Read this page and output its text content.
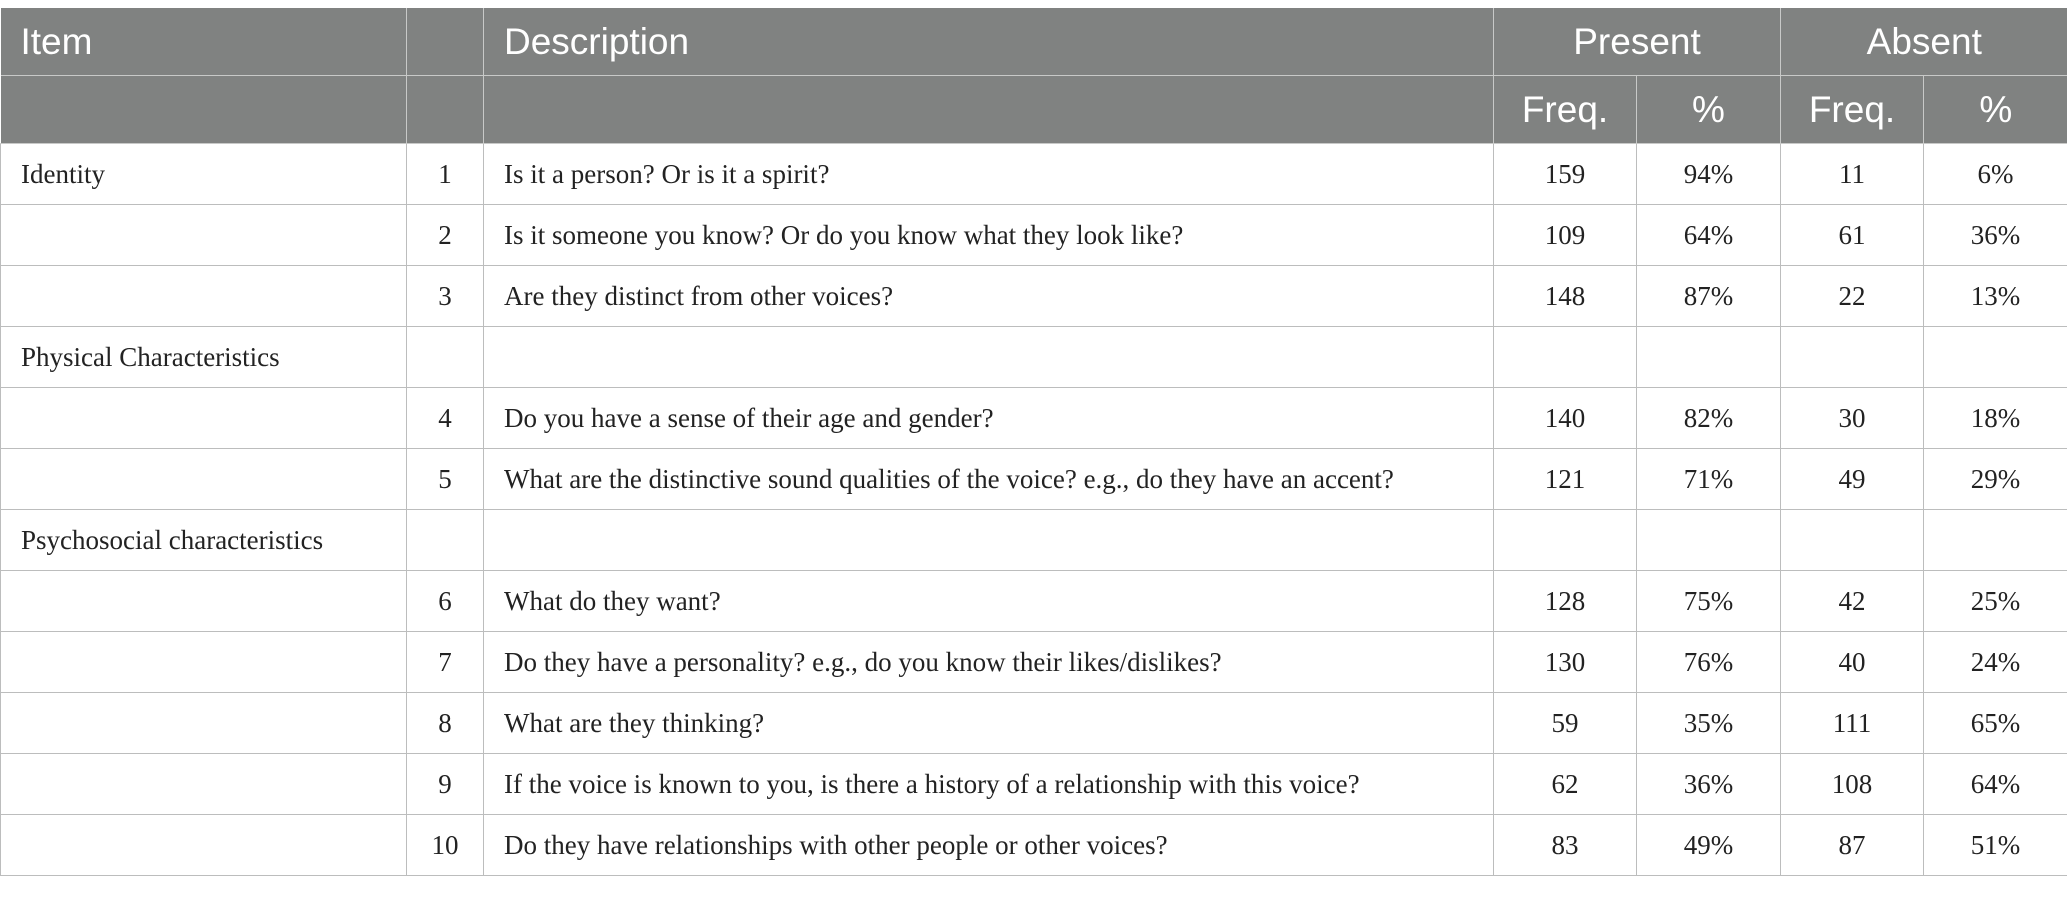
Item		Description	Present		Absent	
			Freq.	%	Freq.	%
Identity	1	Is it a person? Or is it a spirit?	159	94%	11	6%
	2	Is it someone you know? Or do you know what they look like?	109	64%	61	36%
	3	Are they distinct from other voices?	148	87%	22	13%
Physical Characteristics						
	4	Do you have a sense of their age and gender?	140	82%	30	18%
	5	What are the distinctive sound qualities of the voice? e.g., do they have an accent?	121	71%	49	29%
Psychosocial characteristics						
	6	What do they want?	128	75%	42	25%
	7	Do they have a personality? e.g., do you know their likes/dislikes?	130	76%	40	24%
	8	What are they thinking?	59	35%	111	65%
	9	If the voice is known to you, is there a history of a relationship with this voice?	62	36%	108	64%
	10	Do they have relationships with other people or other voices?	83	49%	87	51%
